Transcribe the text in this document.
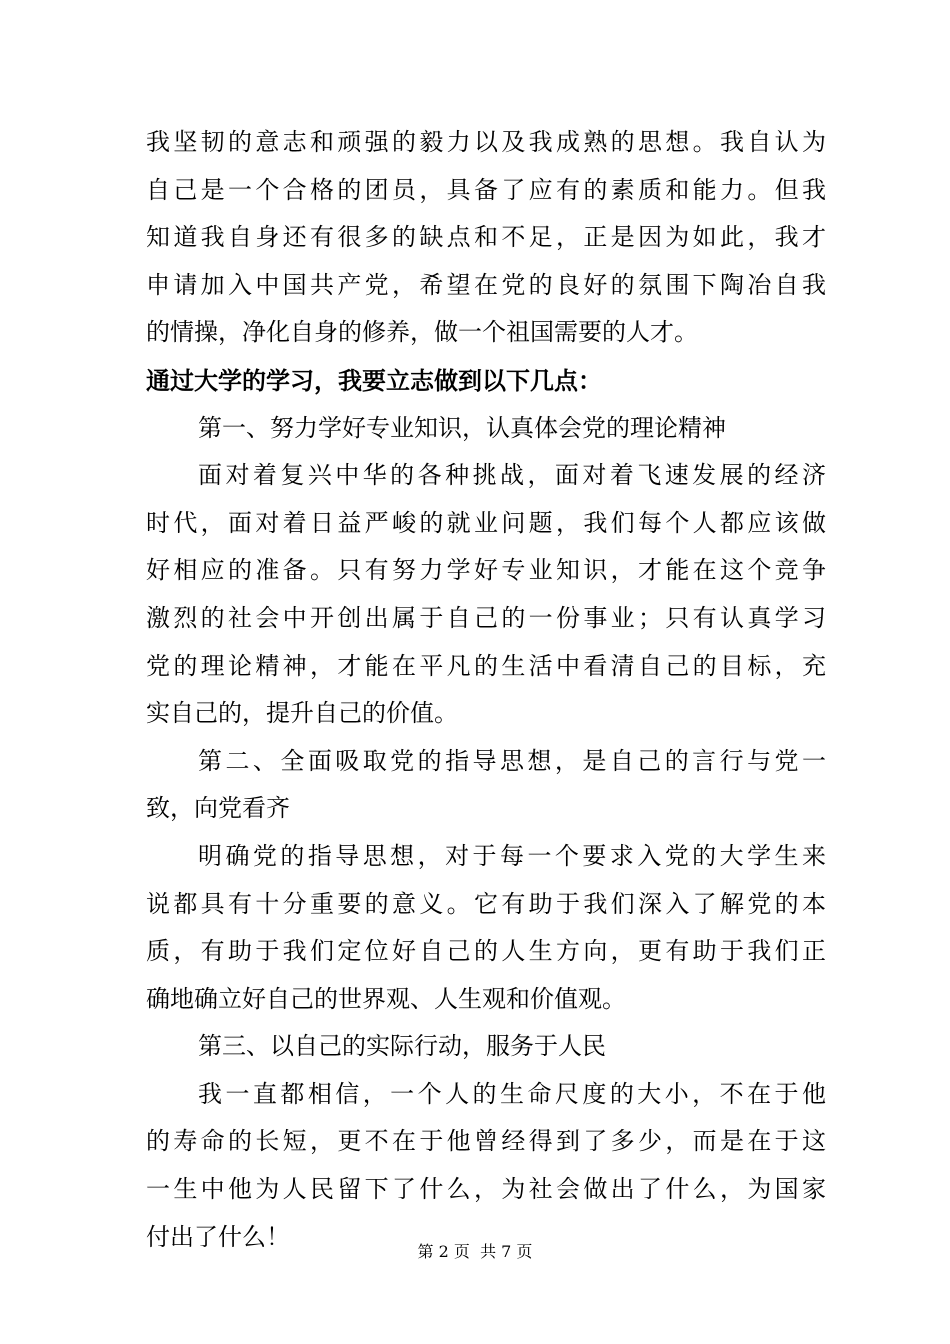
我坚韧的意志和顽强的毅力以及我成熟的思想。我自认为
自己是一个合格的团员，具备了应有的素质和能力。但我
知道我自身还有很多的缺点和不足，正是因为如此，我才
申请加入中国共产党，希望在党的良好的氛围下陶冶自我
的情操，净化自身的修养，做一个祖国需要的人才。
通过大学的学习，我要立志做到以下几点：
第一、努力学好专业知识，认真体会党的理论精神
面对着复兴中华的各种挑战，面对着飞速发展的经济
时代，面对着日益严峻的就业问题，我们每个人都应该做
好相应的准备。只有努力学好专业知识，才能在这个竞争
激烈的社会中开创出属于自己的一份事业；只有认真学习
党的理论精神，才能在平凡的生活中看清自己的目标，充
实自己的，提升自己的价值。
第二、全面吸取党的指导思想，是自己的言行与党一
致，向党看齐
明确党的指导思想，对于每一个要求入党的大学生来
说都具有十分重要的意义。它有助于我们深入了解党的本
质，有助于我们定位好自己的人生方向，更有助于我们正
确地确立好自己的世界观、人生观和价值观。
第三、以自己的实际行动，服务于人民
我一直都相信，一个人的生命尺度的大小，不在于他
的寿命的长短，更不在于他曾经得到了多少，而是在于这
一生中他为人民留下了什么，为社会做出了什么，为国家
付出了什么！
第 2 页  共 7 页
